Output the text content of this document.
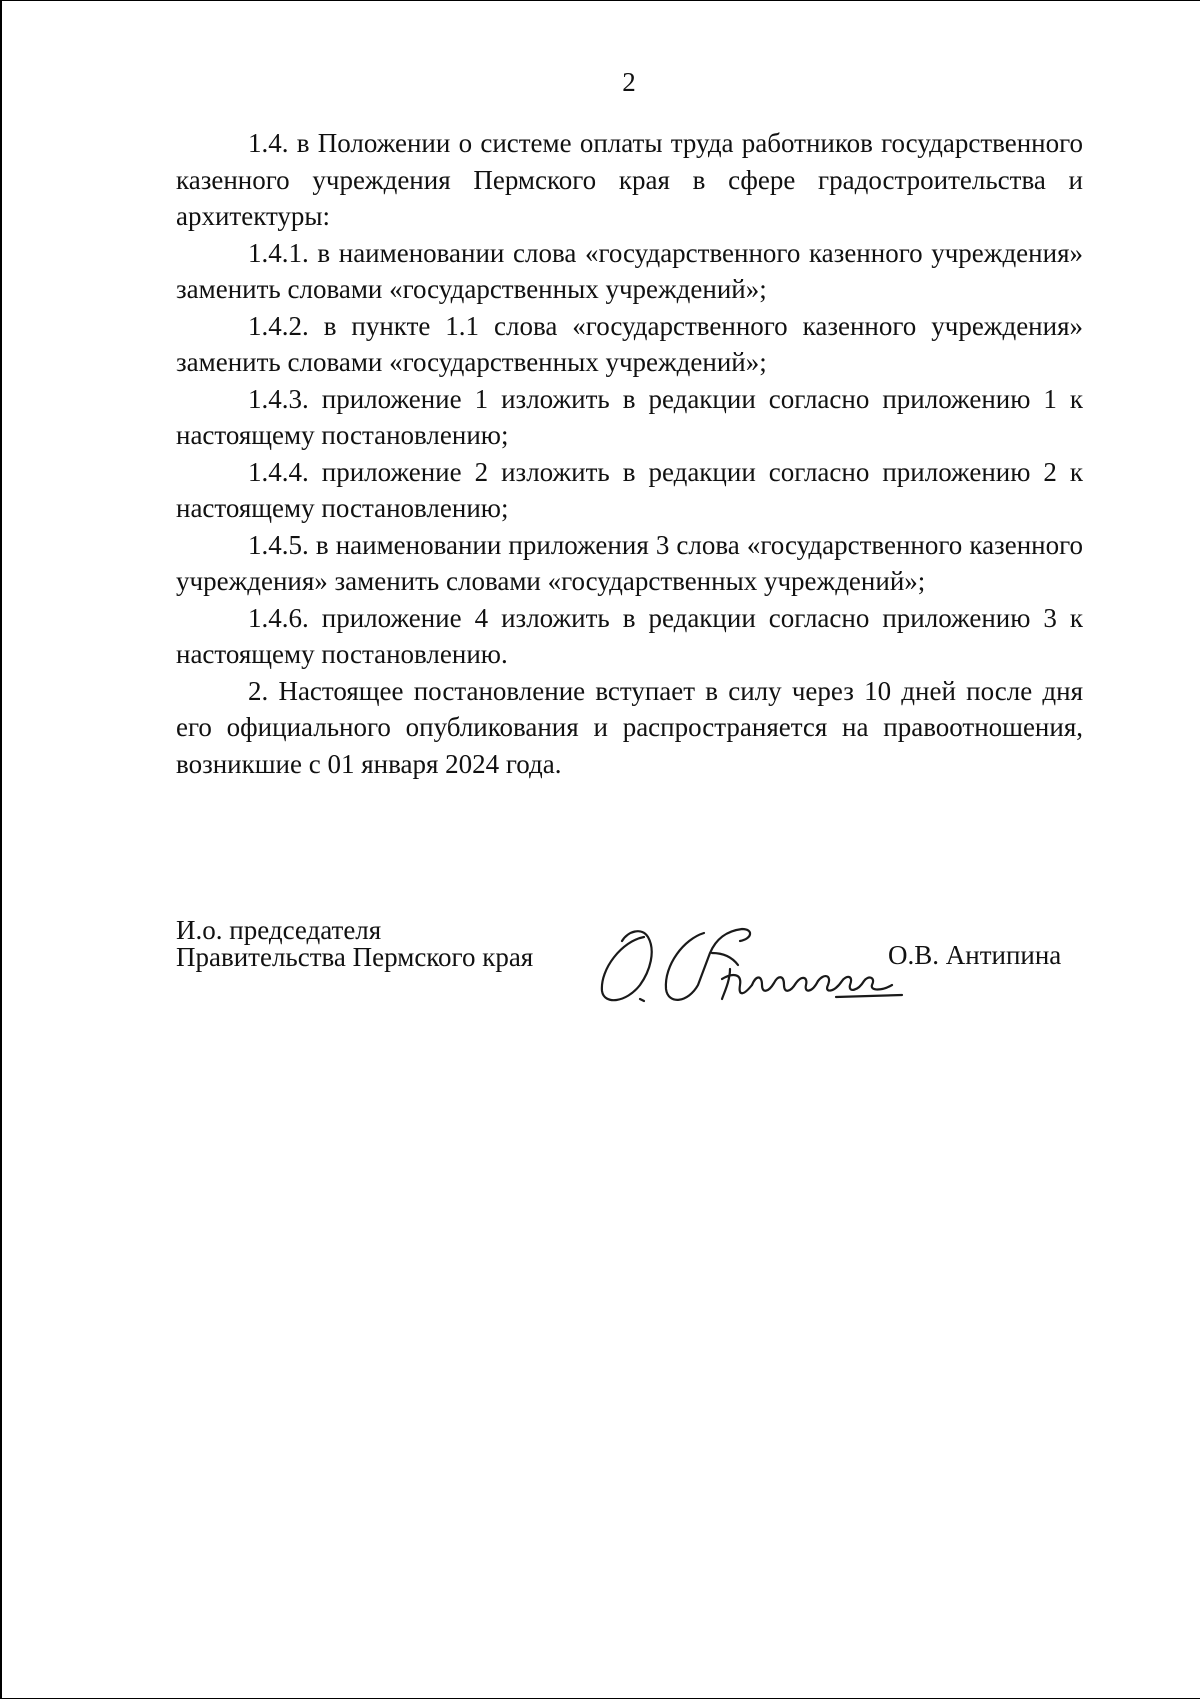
2

1.4. в Положении о системе оплаты труда работников государственного казенного учреждения Пермского края в сфере градостроительства и архитектуры:

1.4.1. в наименовании слова «государственного казенного учреждения» заменить словами «государственных учреждений»;

1.4.2. в пункте 1.1 слова «государственного казенного учреждения» заменить словами «государственных учреждений»;

1.4.3. приложение 1 изложить в редакции согласно приложению 1 к настоящему постановлению;

1.4.4. приложение 2 изложить в редакции согласно приложению 2 к настоящему постановлению;

1.4.5. в наименовании приложения 3 слова «государственного казенного учреждения» заменить словами «государственных учреждений»;

1.4.6. приложение 4 изложить в редакции согласно приложению 3 к настоящему постановлению.

2. Настоящее постановление вступает в силу через 10 дней после дня его официального опубликования и распространяется на правоотношения, возникшие с 01 января 2024 года.

И.о. председателя
Правительства Пермского края	О.В. Антипина
